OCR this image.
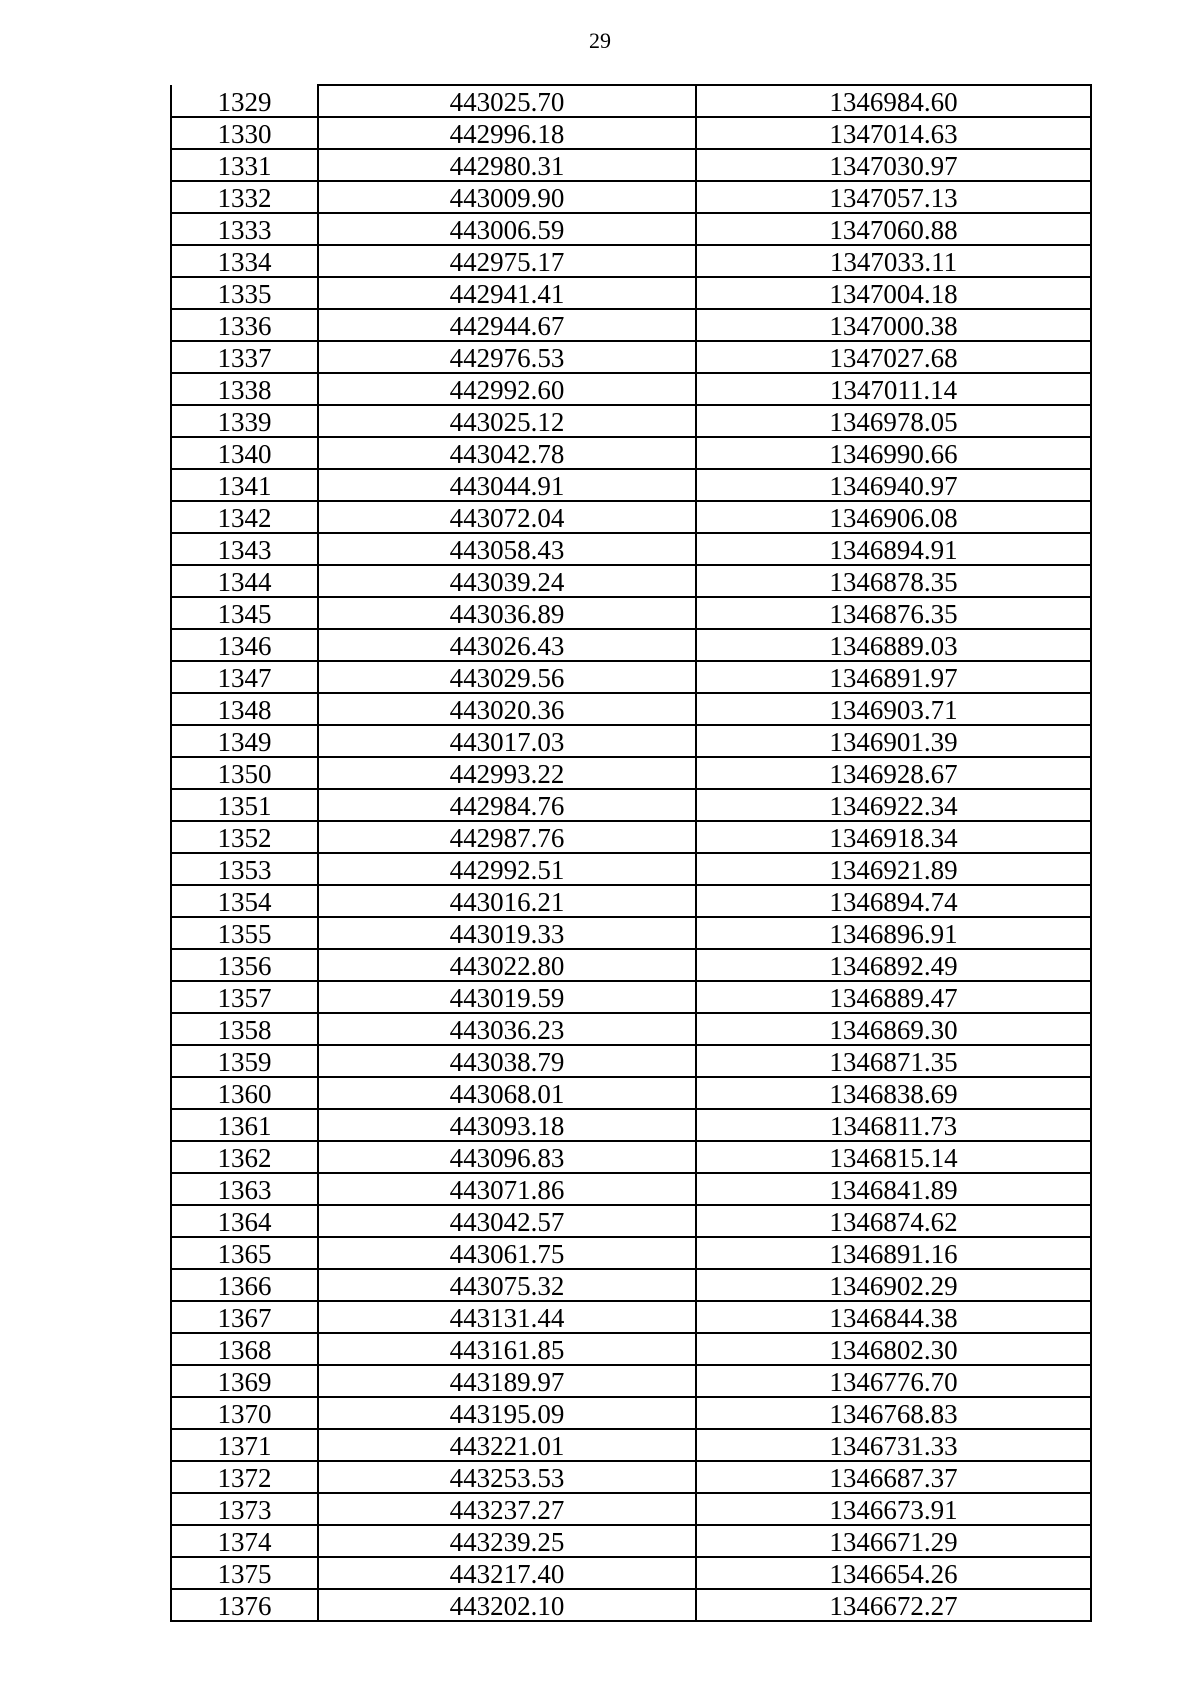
29
1329	443025.70	1346984.60
1330	442996.18	1347014.63
1331	442980.31	1347030.97
1332	443009.90	1347057.13
1333	443006.59	1347060.88
1334	442975.17	1347033.11
1335	442941.41	1347004.18
1336	442944.67	1347000.38
1337	442976.53	1347027.68
1338	442992.60	1347011.14
1339	443025.12	1346978.05
1340	443042.78	1346990.66
1341	443044.91	1346940.97
1342	443072.04	1346906.08
1343	443058.43	1346894.91
1344	443039.24	1346878.35
1345	443036.89	1346876.35
1346	443026.43	1346889.03
1347	443029.56	1346891.97
1348	443020.36	1346903.71
1349	443017.03	1346901.39
1350	442993.22	1346928.67
1351	442984.76	1346922.34
1352	442987.76	1346918.34
1353	442992.51	1346921.89
1354	443016.21	1346894.74
1355	443019.33	1346896.91
1356	443022.80	1346892.49
1357	443019.59	1346889.47
1358	443036.23	1346869.30
1359	443038.79	1346871.35
1360	443068.01	1346838.69
1361	443093.18	1346811.73
1362	443096.83	1346815.14
1363	443071.86	1346841.89
1364	443042.57	1346874.62
1365	443061.75	1346891.16
1366	443075.32	1346902.29
1367	443131.44	1346844.38
1368	443161.85	1346802.30
1369	443189.97	1346776.70
1370	443195.09	1346768.83
1371	443221.01	1346731.33
1372	443253.53	1346687.37
1373	443237.27	1346673.91
1374	443239.25	1346671.29
1375	443217.40	1346654.26
1376	443202.10	1346672.27
